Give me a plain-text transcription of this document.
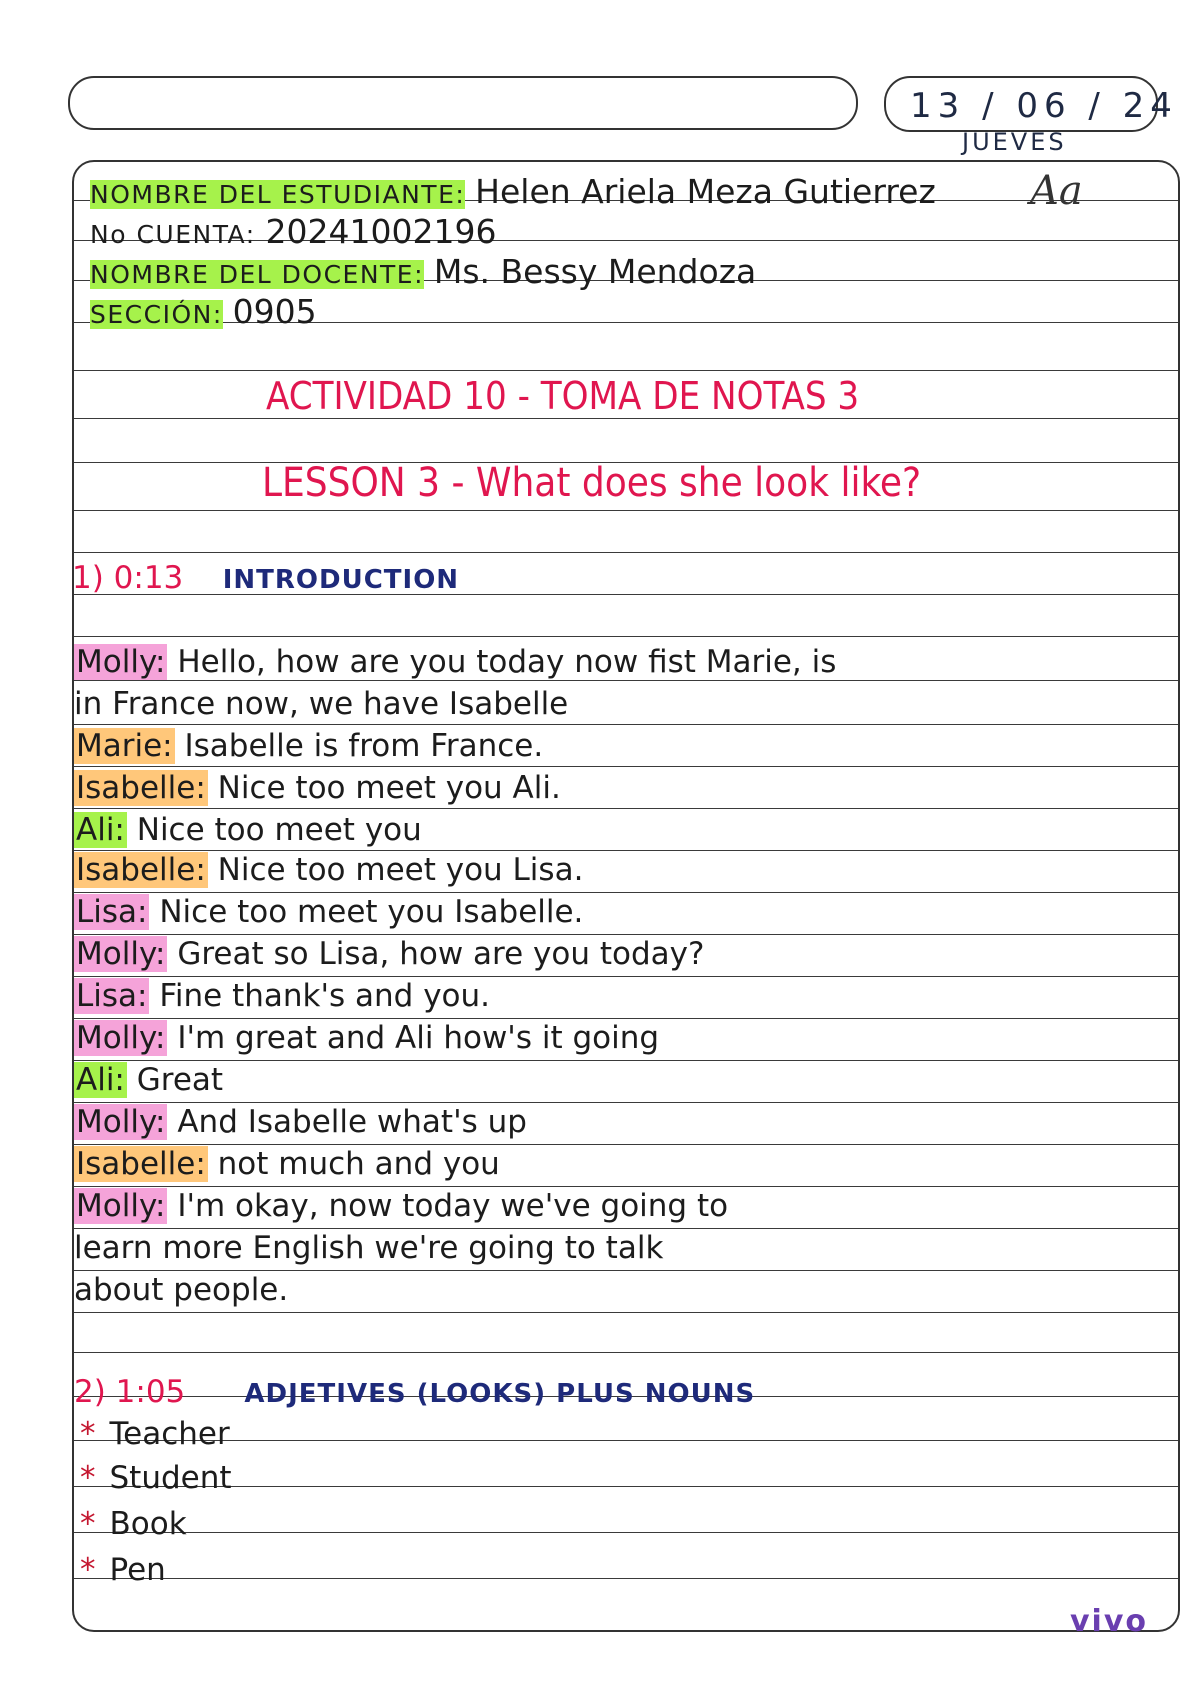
13 / 06 / 24
JUEVES
Aa
NOMBRE DEL ESTUDIANTE: Helen Ariela Meza Gutierrez
No CUENTA: 20241002196
NOMBRE DEL DOCENTE: Ms. Bessy Mendoza
SECCIÓN: 0905
ACTIVIDAD 10 - TOMA DE NOTAS 3
LESSON 3 - What does she look like?
1) 0:13 INTRODUCTION
Molly: Hello, how are you today now fist Marie, is
in France now, we have Isabelle
Marie: Isabelle is from France.
Isabelle: Nice too meet you Ali.
Ali: Nice too meet you
Isabelle: Nice too meet you Lisa.
Lisa: Nice too meet you Isabelle.
Molly: Great so Lisa, how are you today?
Lisa: Fine thank's and you.
Molly: I'm great and Ali how's it going
Ali: Great
Molly: And Isabelle what's up
Isabelle: not much and you
Molly: I'm okay, now today we've going to
learn more English we're going to talk
about people.
2) 1:05 ADJETIVES (LOOKS) PLUS NOUNS
* Teacher
* Student
* Book
* Pen
vivo
